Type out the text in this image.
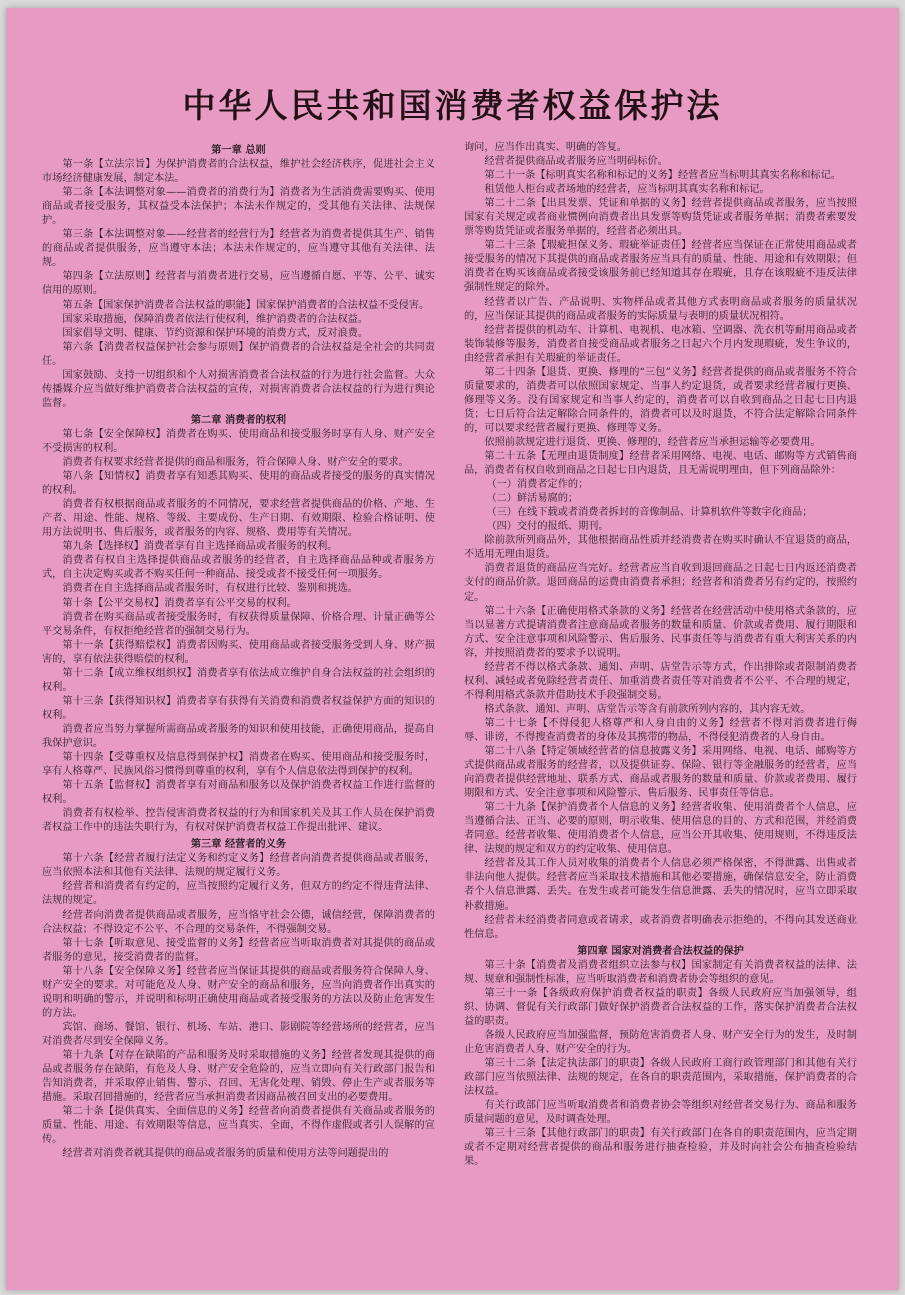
中华人民共和国消费者权益保护法

第一章 总则

第一条【立法宗旨】为保护消费者的合法权益，维护社会经济秩序，促进社会主义市场经济健康发展，制定本法。

第二条【本法调整对象——消费者的消费行为】消费者为生活消费需要购买、使用商品或者接受服务，其权益受本法保护；本法未作规定的，受其他有关法律、法规保护。

第三条【本法调整对象——经营者的经营行为】经营者为消费者提供其生产、销售的商品或者提供服务，应当遵守本法；本法未作规定的，应当遵守其他有关法律、法规。

第四条【立法原则】经营者与消费者进行交易，应当遵循自愿、平等、公平、诚实信用的原则。

第五条【国家保护消费者合法权益的职能】国家保护消费者的合法权益不受侵害。

国家采取措施，保障消费者依法行使权利，维护消费者的合法权益。

国家倡导文明、健康、节约资源和保护环境的消费方式，反对浪费。

第六条【消费者权益保护社会参与原则】保护消费者的合法权益是全社会的共同责任。

国家鼓励、支持一切组织和个人对损害消费者合法权益的行为进行社会监督。大众传播媒介应当做好维护消费者合法权益的宣传，对损害消费者合法权益的行为进行舆论监督。

第二章 消费者的权利

第七条【安全保障权】消费者在购买、使用商品和接受服务时享有人身、财产安全不受损害的权利。

消费者有权要求经营者提供的商品和服务，符合保障人身、财产安全的要求。

第八条【知情权】消费者享有知悉其购买、使用的商品或者接受的服务的真实情况的权利。

消费者有权根据商品或者服务的不同情况，要求经营者提供商品的价格、产地、生产者、用途、性能、规格、等级、主要成份、生产日期、有效期限、检验合格证明、使用方法说明书、售后服务，或者服务的内容、规格、费用等有关情况。

第九条【选择权】消费者享有自主选择商品或者服务的权利。

消费者有权自主选择提供商品或者服务的经营者，自主选择商品品种或者服务方式，自主决定购买或者不购买任何一种商品、接受或者不接受任何一项服务。

消费者在自主选择商品或者服务时，有权进行比较、鉴别和挑选。

第十条【公平交易权】消费者享有公平交易的权利。

消费者在购买商品或者接受服务时，有权获得质量保障、价格合理、计量正确等公平交易条件，有权拒绝经营者的强制交易行为。

第十一条【获得赔偿权】消费者因购买、使用商品或者接受服务受到人身、财产损害的，享有依法获得赔偿的权利。

第十二条【成立维权组织权】消费者享有依法成立维护自身合法权益的社会组织的权利。

第十三条【获得知识权】消费者享有获得有关消费和消费者权益保护方面的知识的权利。

消费者应当努力掌握所需商品或者服务的知识和使用技能，正确使用商品，提高自我保护意识。

第十四条【受尊重权及信息得到保护权】消费者在购买、使用商品和接受服务时，享有人格尊严、民族风俗习惯得到尊重的权利，享有个人信息依法得到保护的权利。

第十五条【监督权】消费者享有对商品和服务以及保护消费者权益工作进行监督的权利。

消费者有权检举、控告侵害消费者权益的行为和国家机关及其工作人员在保护消费者权益工作中的违法失职行为，有权对保护消费者权益工作提出批评、建议。

第三章 经营者的义务

第十六条【经营者履行法定义务和约定义务】经营者向消费者提供商品或者服务，应当依照本法和其他有关法律、法规的规定履行义务。

经营者和消费者有约定的，应当按照约定履行义务，但双方的约定不得违背法律、法规的规定。

经营者向消费者提供商品或者服务，应当恪守社会公德，诚信经营，保障消费者的合法权益；不得设定不公平、不合理的交易条件，不得强制交易。

第十七条【听取意见、接受监督的义务】经营者应当听取消费者对其提供的商品或者服务的意见，接受消费者的监督。

第十八条【安全保障义务】经营者应当保证其提供的商品或者服务符合保障人身、财产安全的要求。对可能危及人身、财产安全的商品和服务，应当向消费者作出真实的说明和明确的警示，并说明和标明正确使用商品或者接受服务的方法以及防止危害发生的方法。

宾馆、商场、餐馆、银行、机场、车站、港口、影剧院等经营场所的经营者，应当对消费者尽到安全保障义务。

第十九条【对存在缺陷的产品和服务及时采取措施的义务】经营者发现其提供的商品或者服务存在缺陷，有危及人身、财产安全危险的，应当立即向有关行政部门报告和告知消费者，并采取停止销售、警示、召回、无害化处理、销毁、停止生产或者服务等措施。采取召回措施的，经营者应当承担消费者因商品被召回支出的必要费用。

第二十条【提供真实、全面信息的义务】经营者向消费者提供有关商品或者服务的质量、性能、用途、有效期限等信息，应当真实、全面，不得作虚假或者引人误解的宣传。

经营者对消费者就其提供的商品或者服务的质量和使用方法等问题提出的

询问，应当作出真实、明确的答复。

经营者提供商品或者服务应当明码标价。

第二十一条【标明真实名称和标记的义务】经营者应当标明其真实名称和标记。

租赁他人柜台或者场地的经营者，应当标明其真实名称和标记。

第二十二条【出具发票、凭证和单据的义务】经营者提供商品或者服务，应当按照国家有关规定或者商业惯例向消费者出具发票等购货凭证或者服务单据；消费者索要发票等购货凭证或者服务单据的，经营者必须出具。

第二十三条【瑕疵担保义务、瑕疵举证责任】经营者应当保证在正常使用商品或者接受服务的情况下其提供的商品或者服务应当具有的质量、性能、用途和有效期限；但消费者在购买该商品或者接受该服务前已经知道其存在瑕疵，且存在该瑕疵不违反法律强制性规定的除外。

经营者以广告、产品说明、实物样品或者其他方式表明商品或者服务的质量状况的，应当保证其提供的商品或者服务的实际质量与表明的质量状况相符。

经营者提供的机动车、计算机、电视机、电冰箱、空调器、洗衣机等耐用商品或者装饰装修等服务，消费者自接受商品或者服务之日起六个月内发现瑕疵，发生争议的，由经营者承担有关瑕疵的举证责任。

第二十四条【退货、更换、修理的“三包”义务】经营者提供的商品或者服务不符合质量要求的，消费者可以依照国家规定、当事人约定退货，或者要求经营者履行更换、修理等义务。没有国家规定和当事人约定的，消费者可以自收到商品之日起七日内退货；七日后符合法定解除合同条件的，消费者可以及时退货，不符合法定解除合同条件的，可以要求经营者履行更换、修理等义务。

依照前款规定进行退货、更换、修理的，经营者应当承担运输等必要费用。

第二十五条【无理由退货制度】经营者采用网络、电视、电话、邮购等方式销售商品，消费者有权自收到商品之日起七日内退货，且无需说明理由，但下列商品除外：

（一）消费者定作的；

（二）鲜活易腐的；

（三）在线下载或者消费者拆封的音像制品、计算机软件等数字化商品；

（四）交付的报纸、期刊。

除前款所列商品外，其他根据商品性质并经消费者在购买时确认不宜退货的商品，不适用无理由退货。

消费者退货的商品应当完好。经营者应当自收到退回商品之日起七日内返还消费者支付的商品价款。退回商品的运费由消费者承担；经营者和消费者另有约定的，按照约定。

第二十六条【正确使用格式条款的义务】经营者在经营活动中使用格式条款的，应当以显著方式提请消费者注意商品或者服务的数量和质量、价款或者费用、履行期限和方式、安全注意事项和风险警示、售后服务、民事责任等与消费者有重大利害关系的内容，并按照消费者的要求予以说明。

经营者不得以格式条款、通知、声明、店堂告示等方式，作出排除或者限制消费者权利、减轻或者免除经营者责任、加重消费者责任等对消费者不公平、不合理的规定，不得利用格式条款并借助技术手段强制交易。

格式条款、通知、声明、店堂告示等含有前款所列内容的，其内容无效。

第二十七条【不得侵犯人格尊严和人身自由的义务】经营者不得对消费者进行侮辱、诽谤，不得搜查消费者的身体及其携带的物品，不得侵犯消费者的人身自由。

第二十八条【特定领域经营者的信息披露义务】采用网络、电视、电话、邮购等方式提供商品或者服务的经营者，以及提供证券、保险、银行等金融服务的经营者，应当向消费者提供经营地址、联系方式、商品或者服务的数量和质量、价款或者费用、履行期限和方式、安全注意事项和风险警示、售后服务、民事责任等信息。

第二十九条【保护消费者个人信息的义务】经营者收集、使用消费者个人信息，应当遵循合法、正当、必要的原则，明示收集、使用信息的目的、方式和范围，并经消费者同意。经营者收集、使用消费者个人信息，应当公开其收集、使用规则，不得违反法律、法规的规定和双方的约定收集、使用信息。

经营者及其工作人员对收集的消费者个人信息必须严格保密，不得泄露、出售或者非法向他人提供。经营者应当采取技术措施和其他必要措施，确保信息安全，防止消费者个人信息泄露、丢失。在发生或者可能发生信息泄露、丢失的情况时，应当立即采取补救措施。

经营者未经消费者同意或者请求，或者消费者明确表示拒绝的，不得向其发送商业性信息。

第四章 国家对消费者合法权益的保护

第三十条【消费者及消费者组织立法参与权】国家制定有关消费者权益的法律、法规、规章和强制性标准，应当听取消费者和消费者协会等组织的意见。

第三十一条【各级政府保护消费者权益的职责】各级人民政府应当加强领导，组织、协调、督促有关行政部门做好保护消费者合法权益的工作，落实保护消费者合法权益的职责。

各级人民政府应当加强监督，预防危害消费者人身、财产安全行为的发生，及时制止危害消费者人身、财产安全的行为。

第三十二条【法定执法部门的职责】各级人民政府工商行政管理部门和其他有关行政部门应当依照法律、法规的规定，在各自的职责范围内，采取措施，保护消费者的合法权益。

有关行政部门应当听取消费者和消费者协会等组织对经营者交易行为、商品和服务质量问题的意见，及时调查处理。

第三十三条【其他行政部门的职责】有关行政部门在各自的职责范围内，应当定期或者不定期对经营者提供的商品和服务进行抽查检验，并及时向社会公布抽查检验结果。
